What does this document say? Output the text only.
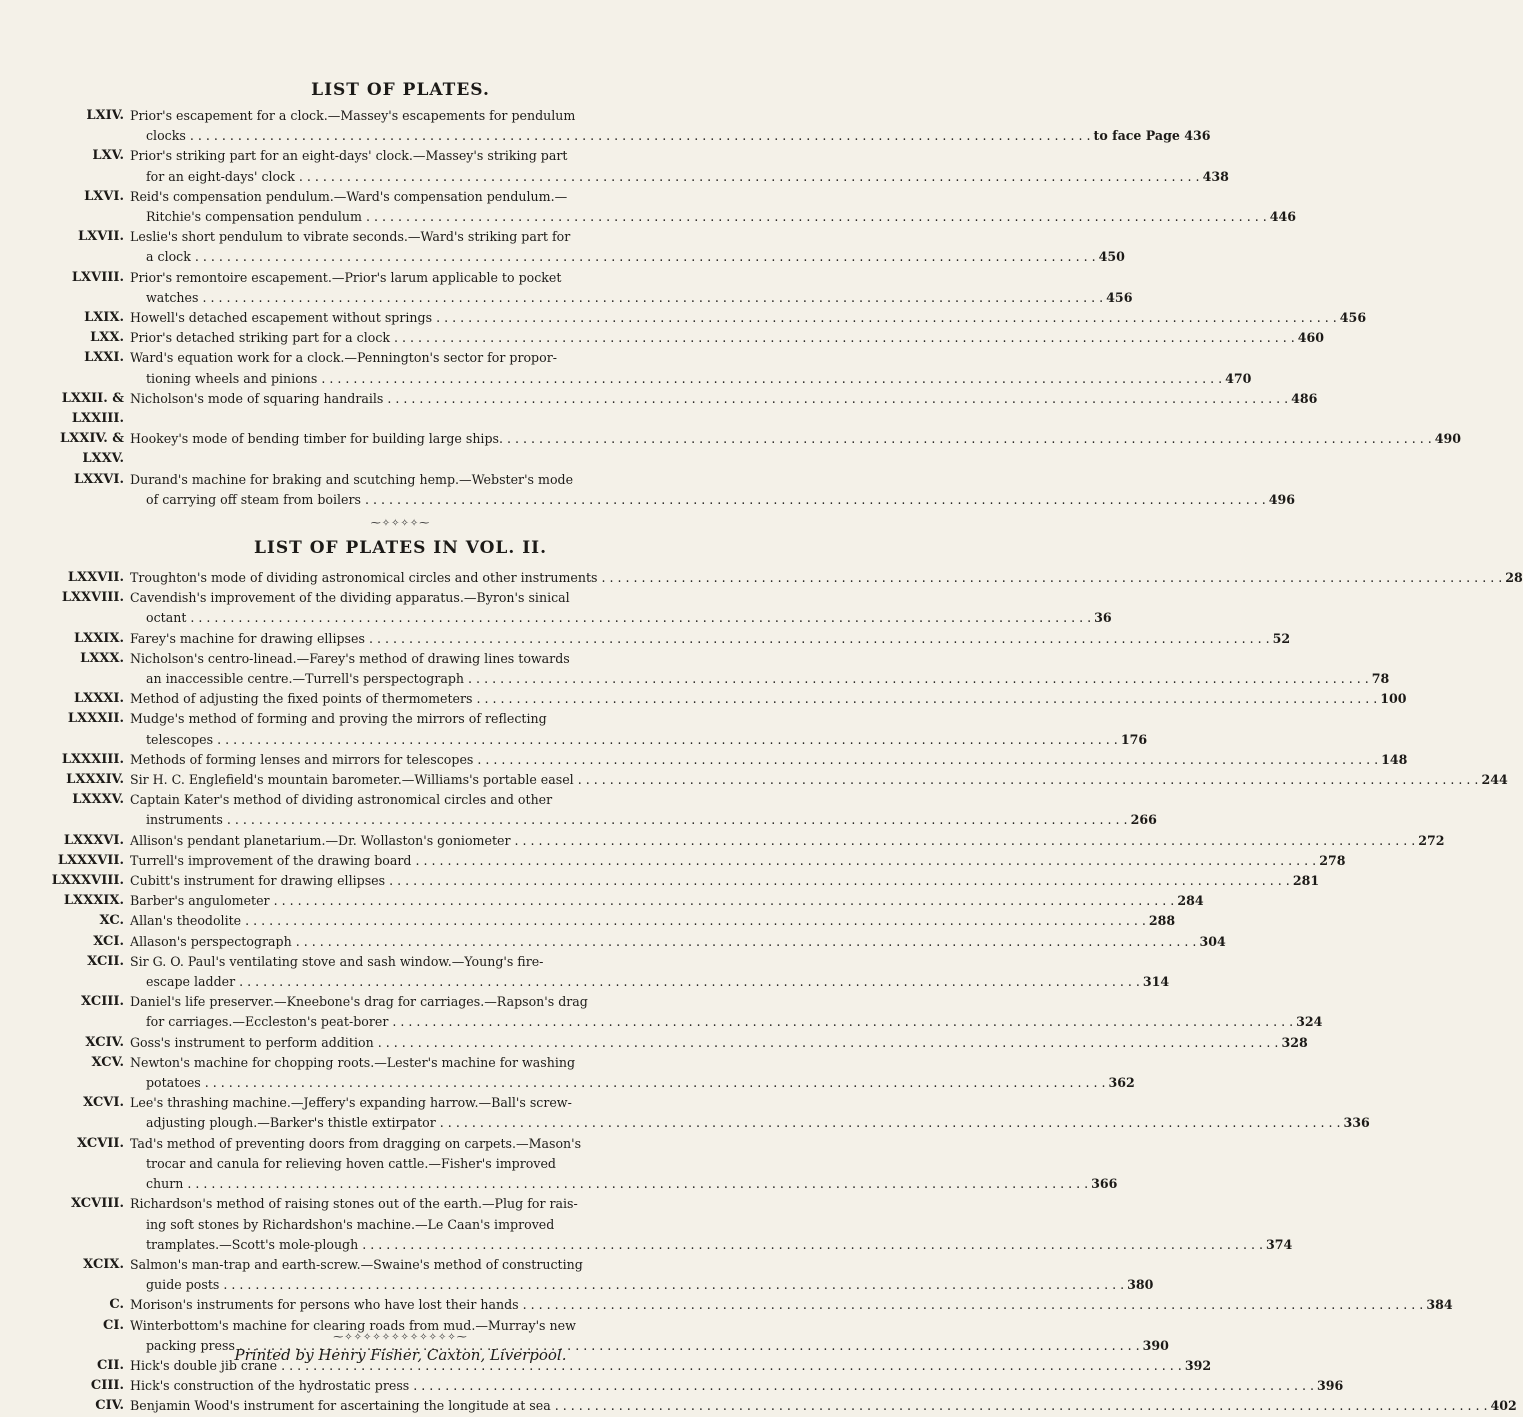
LIST OF PLATES.
LXIV. Prior's escapement for a clock.—Massey's escapements for pendulum
clocks . . .	to face Page 436
LXV. Prior's striking part for an eight-days' clock.—Massey's striking part
for an eight-days' clock . . .	438
LXVI. Reid's compensation pendulum.—Ward's compensation pendulum.—
Ritchie's compensation pendulum . . .	446
LXVII. Leslie's short pendulum to vibrate seconds.—Ward's striking part for
a clock . . .	450
LXVIII. Prior's remontoire escapement.—Prior's larum applicable to pocket
watches . . .	456
LXIX. Howell's detached escapement without springs . . .	456
LXX. Prior's detached striking part for a clock . . .	460
LXXI. Ward's equation work for a clock.—Pennington's sector for propor-
tioning wheels and pinions . . .	470
LXXII. & LXXIII.
Nicholson's mode of squaring handrails . . .	486
LXXIV. & LXXV.
Hookey's mode of bending timber for building large ships. . . . . . .	490
LXXVI. Durand's machine for braking and scutching hemp.—Webster's mode
of carrying off steam from boilers . . .	496
⁓✧✧✧✧⁓
LIST OF PLATES IN VOL. II.
LXXVII. Troughton's mode of dividing astronomical circles and other instruments . . .	28
LXXVIII. Cavendish's improvement of the dividing apparatus.—Byron's sinical
octant . . .	36
LXXIX. Farey's machine for drawing ellipses . . .	52
LXXX. Nicholson's centro-linead.—Farey's method of drawing lines towards
an inaccessible centre.—Turrell's perspectograph . . .	78
LXXXI. Method of adjusting the fixed points of thermometers . . .	100
LXXXII. Mudge's method of forming and proving the mirrors of reflecting
telescopes . . .	176
LXXXIII. Methods of forming lenses and mirrors for telescopes . . .	148
LXXXIV. Sir H. C. Englefield's mountain barometer.—Williams's portable easel . . .	244
LXXXV. Captain Kater's method of dividing astronomical circles and other
instruments . . .	266
LXXXVI. Allison's pendant planetarium.—Dr. Wollaston's goniometer . . .	272
LXXXVII. Turrell's improvement of the drawing board . . .	278
LXXXVIII. Cubitt's instrument for drawing ellipses . . .	281
LXXXIX. Barber's angulometer . . .	284
XC. Allan's theodolite . . .	288
XCI. Allason's perspectograph . . .	304
XCII. Sir G. O. Paul's ventilating stove and sash window.—Young's fire-
escape ladder . . .	314
XCIII. Daniel's life preserver.—Kneebone's drag for carriages.—Rapson's drag
for carriages.—Eccleston's peat-borer . . .	324
XCIV. Goss's instrument to perform addition . . .	328
XCV. Newton's machine for chopping roots.—Lester's machine for washing
potatoes . . .	362
XCVI. Lee's thrashing machine.—Jeffery's expanding harrow.—Ball's screw-
adjusting plough.—Barker's thistle extirpator . . .	336
XCVII. Tad's method of preventing doors from dragging on carpets.—Mason's
trocar and canula for relieving hoven cattle.—Fisher's improved
churn . . .	366
XCVIII. Richardson's method of raising stones out of the earth.—Plug for rais-
ing soft stones by Richardshon's machine.—Le Caan's improved
tramplates.—Scott's mole-plough . . .	374
XCIX. Salmon's man-trap and earth-screw.—Swaine's method of constructing
guide posts . . .	380
C. Morison's instruments for persons who have lost their hands . . .	384
CI. Winterbottom's machine for clearing roads from mud.—Murray's new
packing press . . .	390
CII. Hick's double jib crane . . .	392
CIII. Hick's construction of the hydrostatic press . . .	396
CIV. Benjamin Wood's instrument for ascertaining the longitude at sea . . . . . . .	402
⁓✧✧✧✧✧✧✧✧✧✧✧✧⁓
Printed by Henry Fisher, Caxton, Liverpool.
